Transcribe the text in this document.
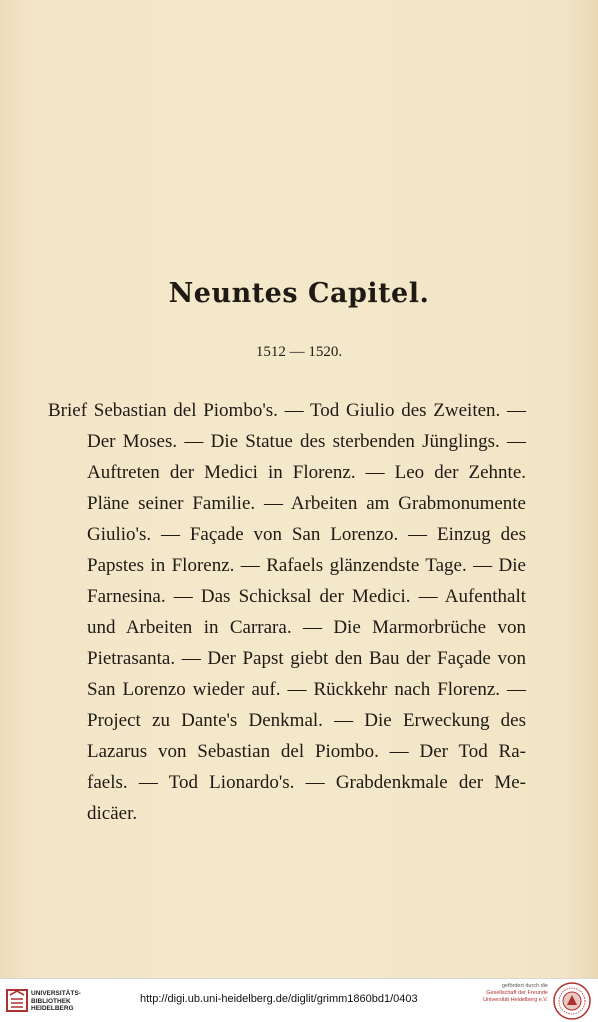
Neuntes Capitel.
1512 — 1520.
Brief Sebastian del Piombo's. — Tod Giulio des Zweiten. —
Der Moses. — Die Statue des sterbenden Jünglings. —
Auftreten der Medici in Florenz. — Leo der Zehnte.
Pläne seiner Familie. — Arbeiten am Grabmonumente
Giulio's. — Façade von San Lorenzo. — Einzug des
Papstes in Florenz. — Rafaels glänzendste Tage. — Die
Farnesina. — Das Schicksal der Medici. — Aufenthalt
und Arbeiten in Carrara. — Die Marmorbrüche von
Pietrasanta. — Der Papst giebt den Bau der Façade von
San Lorenzo wieder auf. — Rückkehr nach Florenz. —
Project zu Dante's Denkmal. — Die Erweckung des
Lazarus von Sebastian del Piombo. — Der Tod Ra-
faels. — Tod Lionardo's. — Grabdenkmale der Me-
dicäer.
UNIVERSITÄTS-
BIBLIOTHEK
HEIDELBERG
http://digi.ub.uni-heidelberg.de/diglit/grimm1860bd1/0403
gefördert durch die
Gesellschaft der Freunde
Universität Heidelberg e.V.
